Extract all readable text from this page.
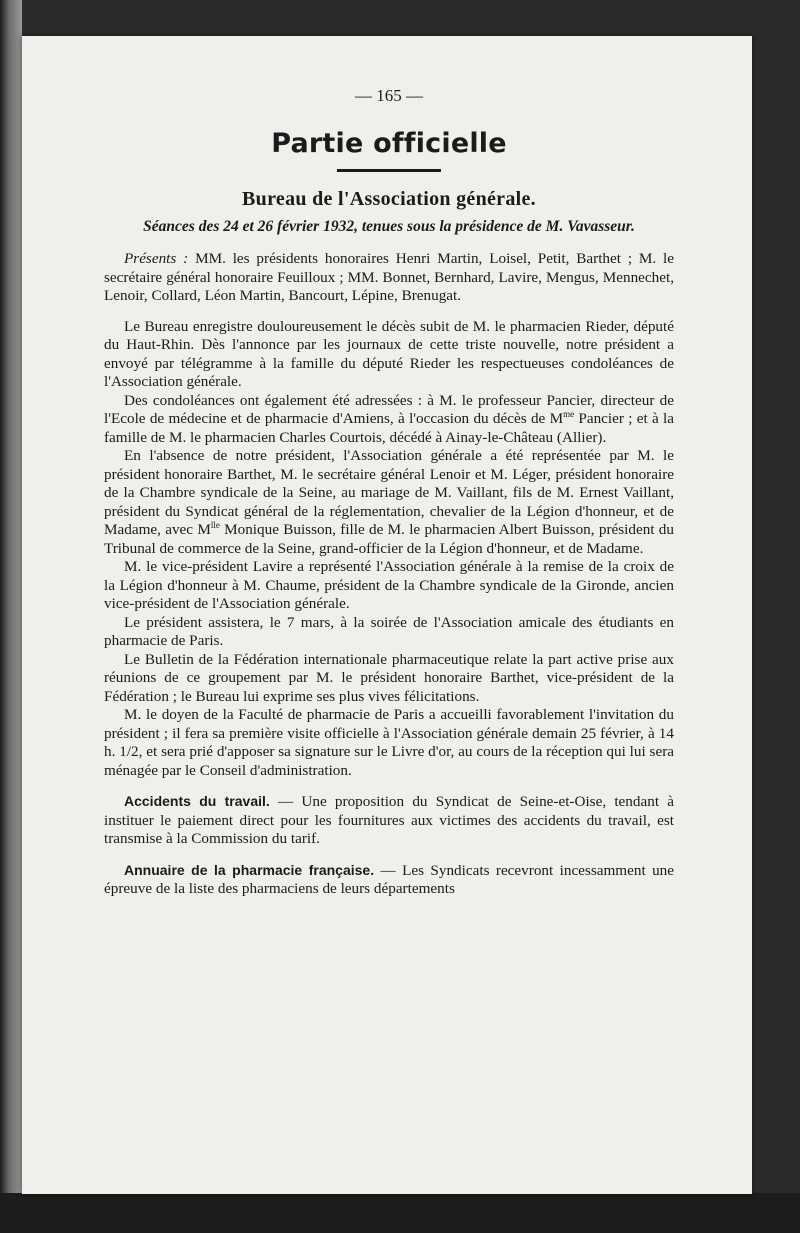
— 165 —
Partie officielle
Bureau de l'Association générale.
Séances des 24 et 26 février 1932, tenues sous la présidence de M. Vavasseur.

Présents : MM. les présidents honoraires Henri Martin, Loisel, Petit, Barthet ; M. le secrétaire général honoraire Feuilloux ; MM. Bonnet, Bernhard, Lavire, Mengus, Mennechet, Lenoir, Collard, Léon Martin, Bancourt, Lépine, Brenugat.

Le Bureau enregistre douloureusement le décès subit de M. le pharmacien Rieder, député du Haut-Rhin. Dès l'annonce par les journaux de cette triste nouvelle, notre président a envoyé par télégramme à la famille du député Rieder les respectueuses condoléances de l'Association générale.

Des condoléances ont également été adressées : à M. le professeur Pancier, directeur de l'Ecole de médecine et de pharmacie d'Amiens, à l'occasion du décès de $M^{me}$ Pancier ; et à la famille de M. le pharmacien Charles Courtois, décédé à Ainay-le-Château (Allier).

En l'absence de notre président, l'Association générale a été représentée par M. le président honoraire Barthet, M. le secrétaire général Lenoir et M. Léger, président honoraire de la Chambre syndicale de la Seine, au mariage de M. Vaillant, fils de M. Ernest Vaillant, président du Syndicat général de la réglementation, chevalier de la Légion d'honneur, et de Madame, avec $M^{lle}$ Monique Buisson, fille de M. le pharmacien Albert Buisson, président du Tribunal de commerce de la Seine, grand-officier de la Légion d'honneur, et de Madame.

M. le vice-président Lavire a représenté l'Association générale à la remise de la croix de la Légion d'honneur à M. Chaume, président de la Chambre syndicale de la Gironde, ancien vice-président de l'Association générale.

Le président assistera, le 7 mars, à la soirée de l'Association amicale des étudiants en pharmacie de Paris.

Le Bulletin de la Fédération internationale pharmaceutique relate la part active prise aux réunions de ce groupement par M. le président honoraire Barthet, vice-président de la Fédération ; le Bureau lui exprime ses plus vives félicitations.

M. le doyen de la Faculté de pharmacie de Paris a accueilli favorablement l'invitation du président ; il fera sa première visite officielle à l'Association générale demain 25 février, à 14 h. 1/2, et sera prié d'apposer sa signature sur le Livre d'or, au cours de la réception qui lui sera ménagée par le Conseil d'administration.

Accidents du travail. — Une proposition du Syndicat de Seine-et-Oise, tendant à instituer le paiement direct pour les fournitures aux victimes des accidents du travail, est transmise à la Commission du tarif.

Annuaire de la pharmacie française. — Les Syndicats recevront incessamment une épreuve de la liste des pharmaciens de leurs départements
